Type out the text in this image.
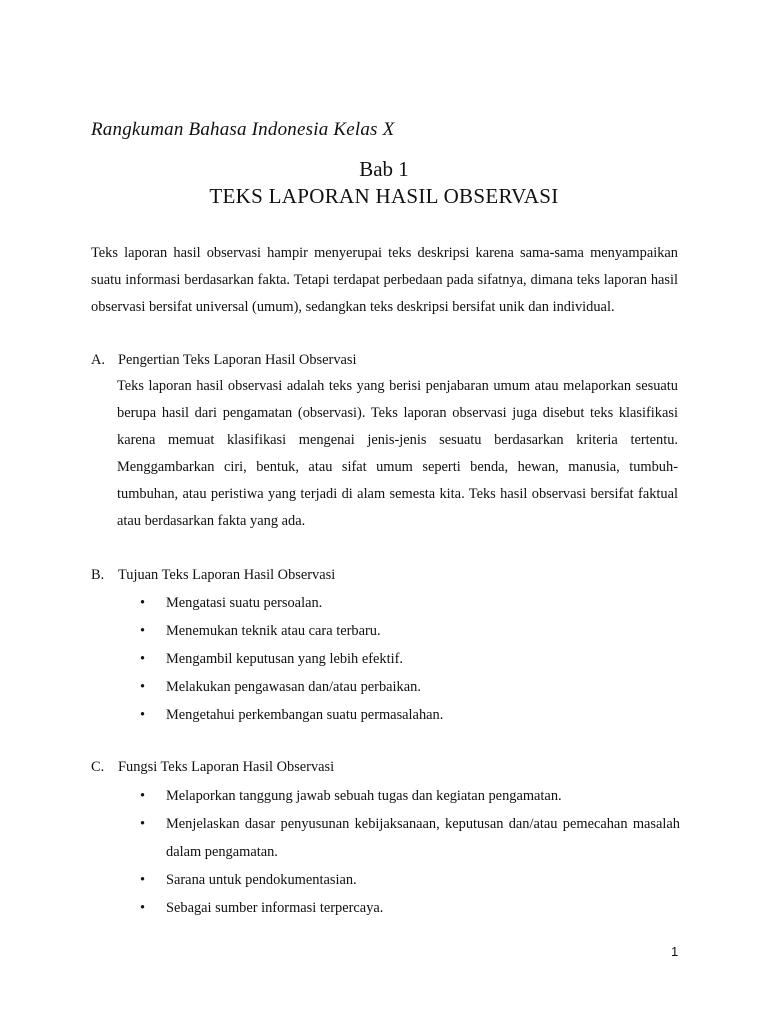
Rangkuman Bahasa Indonesia Kelas X
Bab 1
TEKS LAPORAN HASIL OBSERVASI
Teks laporan hasil observasi hampir menyerupai teks deskripsi karena sama-sama menyampaikan suatu informasi berdasarkan fakta. Tetapi terdapat perbedaan pada sifatnya, dimana teks laporan hasil observasi bersifat universal (umum), sedangkan teks deskripsi bersifat unik dan individual.
A. Pengertian Teks Laporan Hasil Observasi
Teks laporan hasil observasi adalah teks yang berisi penjabaran umum atau melaporkan sesuatu berupa hasil dari pengamatan (observasi). Teks laporan observasi juga disebut teks klasifikasi karena memuat klasifikasi mengenai jenis-jenis sesuatu berdasarkan kriteria tertentu. Menggambarkan ciri, bentuk, atau sifat umum seperti benda, hewan, manusia, tumbuh-tumbuhan, atau peristiwa yang terjadi di alam semesta kita. Teks hasil observasi bersifat faktual atau berdasarkan fakta yang ada.
B. Tujuan Teks Laporan Hasil Observasi
• Mengatasi suatu persoalan.
• Menemukan teknik atau cara terbaru.
• Mengambil keputusan yang lebih efektif.
• Melakukan pengawasan dan/atau perbaikan.
• Mengetahui perkembangan suatu permasalahan.
C. Fungsi Teks Laporan Hasil Observasi
• Melaporkan tanggung jawab sebuah tugas dan kegiatan pengamatan.
• Menjelaskan dasar penyusunan kebijaksanaan, keputusan dan/atau pemecahan masalah dalam pengamatan.
• Sarana untuk pendokumentasian.
• Sebagai sumber informasi terpercaya.
1
